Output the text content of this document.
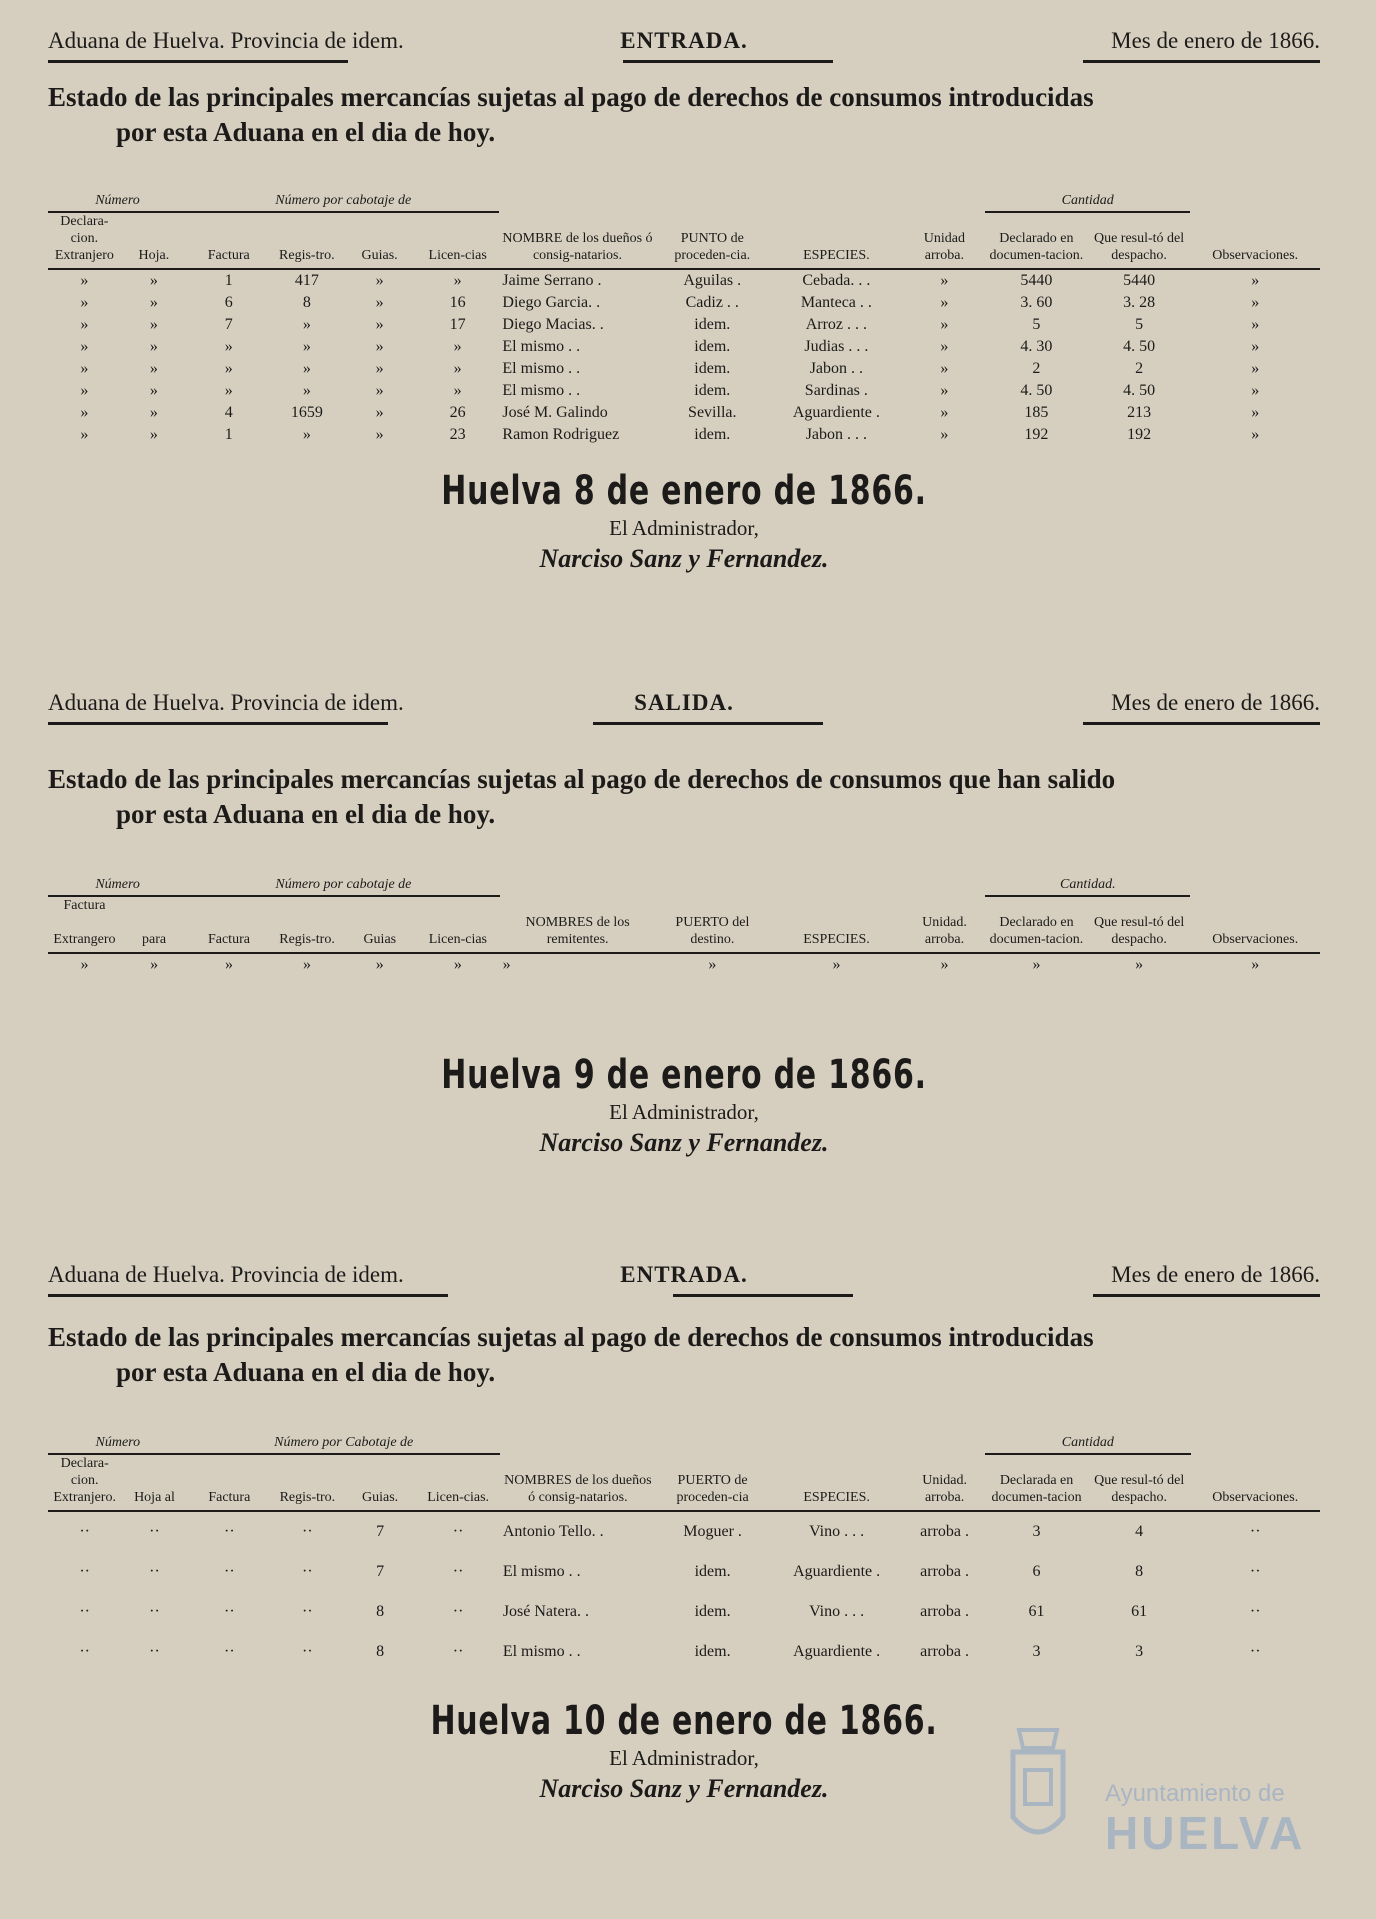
Aduana de Huelva. Provincia de idem.	ENTRADA.	Mes de enero de 1866.
Estado de las principales mercancías sujetas al pago de derechos de consumos introducidas
por esta Aduana en el dia de hoy.
Número		Número por cabotaje de								Cantidad		
Declara-cion.
Extranjero	Hoja.	Factura	Regis-tro.	Guias.	Licen-cias	NOMBRE de los dueños ó consig-natarios.	PUNTO de proceden-cia.	ESPECIES.	Unidad arroba.	Declarado en documen-tacion.	Que resul-tó del despacho.	Observaciones.
»	»	1	417	»	»	Jaime Serrano .	Aguilas .	Cebada. . .	»	5440	5440	»
»	»	6	8	»	16	Diego Garcia. .	Cadiz . .	Manteca . .	»	3. 60	3. 28	»
»	»	7	»	»	17	Diego Macias. .	idem.	Arroz . . .	»	5	5	»
»	»	»	»	»	»	El mismo . .	idem.	Judias . . .	»	4. 30	4. 50	»
»	»	»	»	»	»	El mismo . .	idem.	Jabon . .	»	2	2	»
»	»	»	»	»	»	El mismo . .	idem.	Sardinas .	»	4. 50	4. 50	»
»	»	4	1659	»	26	José M. Galindo	Sevilla.	Aguardiente .	»	185	213	»
»	»	1	»	»	23	Ramon Rodriguez	idem.	Jabon . . .	»	192	192	»
Huelva 8 de enero de 1866.
El Administrador,
Narciso Sanz y Fernandez.
Aduana de Huelva. Provincia de idem.	SALIDA.	Mes de enero de 1866.
Estado de las principales mercancías sujetas al pago de derechos de consumos que han salido
por esta Aduana en el dia de hoy.
Número		Número por cabotaje de								Cantidad.		
Factura

Extrangero	para	Factura	Regis-tro.	Guias	Licen-cias	NOMBRES de los remitentes.	PUERTO del destino.	ESPECIES.	Unidad. arroba.	Declarado en documen-tacion.	Que resul-tó del despacho.	Observaciones.
»	»	»	»	»	»	»	»	»	»	»	»	»
Huelva 9 de enero de 1866.
El Administrador,
Narciso Sanz y Fernandez.
Aduana de Huelva. Provincia de idem.	ENTRADA.	Mes de enero de 1866.
Estado de las principales mercancías sujetas al pago de derechos de consumos introducidas
por esta Aduana en el dia de hoy.
Número		Número por Cabotaje de								Cantidad		
Declara-cion.
Extranjero.	Hoja al	Factura	Regis-tro.	Guias.	Licen-cias.	NOMBRES de los dueños ó consig-natarios.	PUERTO de proceden-cia	ESPECIES.	Unidad. arroba.	Declarada en documen-tacion	Que resul-tó del despacho.	Observaciones.
··	··	··	··	7	··	Antonio Tello. .	Moguer .	Vino . . .	arroba .	3	4	··
··	··	··	··	7	··	El mismo . .	idem.	Aguardiente .	arroba .	6	8	··
··	··	··	··	8	··	José Natera. .	idem.	Vino . . .	arroba .	61	61	··
··	··	··	··	8	··	El mismo . .	idem.	Aguardiente .	arroba .	3	3	··
Huelva 10 de enero de 1866.
El Administrador,
Narciso Sanz y Fernandez.	Ayuntamiento de
HUELVA
